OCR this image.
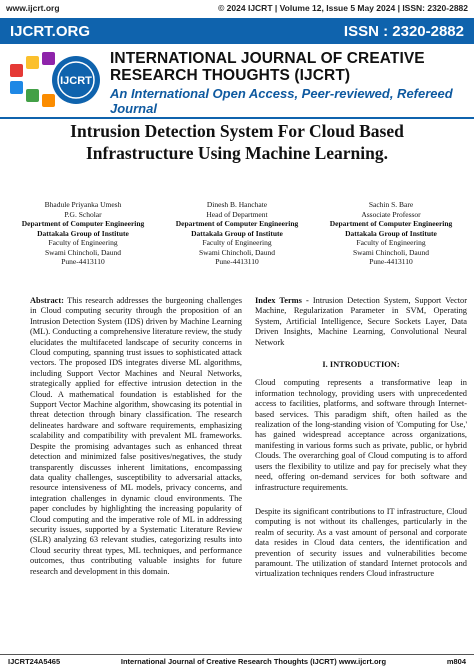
www.ijcrt.org	© 2024 IJCRT | Volume 12, Issue 5 May 2024 | ISSN: 2320-2882
IJCRT.ORG	ISSN : 2320-2882
IJCRT
INTERNATIONAL JOURNAL OF CREATIVE RESEARCH THOUGHTS (IJCRT)
An International Open Access, Peer-reviewed, Refereed Journal
Intrusion Detection System For Cloud Based Infrastructure Using Machine Learning.
Bhadule Priyanka Umesh
P.G. Scholar
Department of Computer Engineering
Dattakala Group of Institute
Faculty of Engineering
Swami Chincholi, Daund
Pune-4413110
Dinesh B. Hanchate
Head of Department
Department of Computer Engineering
Dattakala Group of Institute
Faculty of Engineering
Swami Chincholi, Daund
Pune-4413110
Sachin S. Bare
Associate Professor
Department of Computer Engineering
Dattakala Group of Institute
Faculty of Engineering
Swami Chincholi, Daund
Pune-4413110

Abstract: This research addresses the burgeoning challenges in Cloud computing security through the proposition of an Intrusion Detection System (IDS) driven by Machine Learning (ML). Conducting a comprehensive literature review, the study elucidates the multifaceted landscape of security concerns in Cloud computing, spanning trust issues to sophisticated attack vectors. The proposed IDS integrates diverse ML algorithms, including Support Vector Machines and Neural Networks, strategically applied for effective intrusion detection in the Cloud. A mathematical foundation is established for the Support Vector Machine algorithm, showcasing its potential in threat detection through binary classification. The research delineates hardware and software requirements, emphasizing scalability and compatibility with prevalent ML frameworks. Despite the promising advantages such as enhanced threat detection and minimized false positives/negatives, the study transparently discusses inherent limitations, encompassing data quality challenges, susceptibility to adversarial attacks, resource intensiveness of ML models, privacy concerns, and integration challenges in dynamic cloud environments. The paper concludes by highlighting the increasing popularity of Cloud computing and the imperative role of ML in addressing security issues, supported by a Systematic Literature Review (SLR) analyzing 63 relevant studies, categorizing results into Cloud security threat types, ML techniques, and performance outcomes, thus contributing valuable insights for future research and development in this domain.

Index Terms - Intrusion Detection System, Support Vector Machine, Regularization Parameter in SVM, Operating System, Artificial Intelligence, Secure Sockets Layer, Data Driven Insights, Machine Learning, Convolutional Neural Network

I. INTRODUCTION:

Cloud computing represents a transformative leap in information technology, providing users with unprecedented access to facilities, platforms, and software through Internet-based services. This paradigm shift, often hailed as the realization of the long-standing vision of 'Computing for Use,' has gained widespread acceptance across organizations, manifesting in various forms such as private, public, or hybrid Clouds. The overarching goal of Cloud computing is to afford users the flexibility to utilize and pay for precisely what they need, offering on-demand services for both software and infrastructure requirements.

Despite its significant contributions to IT infrastructure, Cloud computing is not without its challenges, particularly in the realm of security. As a vast amount of personal and corporate data resides in Cloud data centers, the identification and prevention of security issues and vulnerabilities become paramount. The utilization of standard Internet protocols and virtualization techniques renders Cloud infrastructure

IJCRT24A5465	International Journal of Creative Research Thoughts (IJCRT) www.ijcrt.org	m804
